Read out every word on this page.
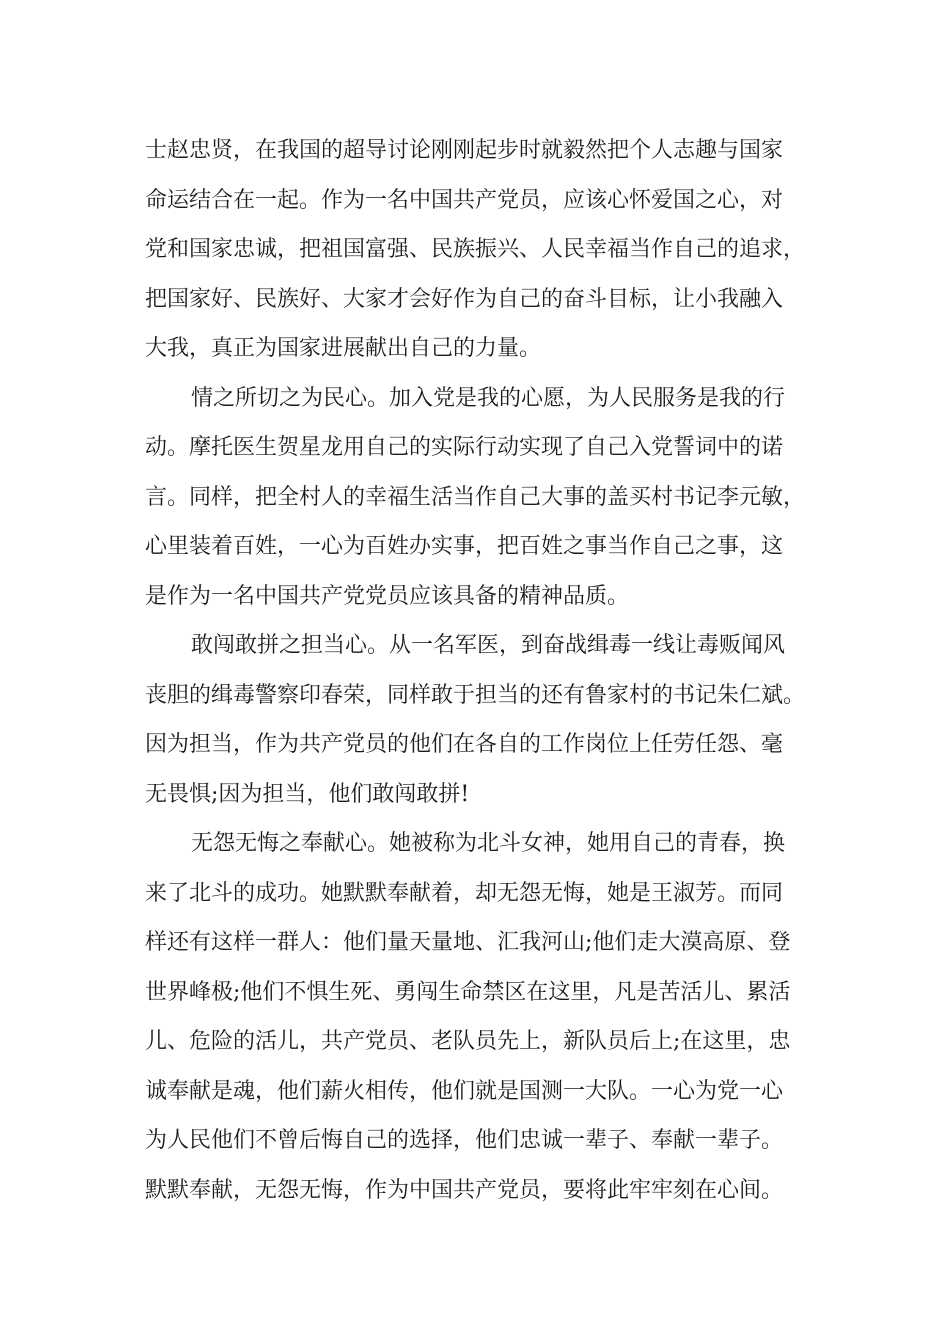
士赵忠贤，在我国的超导讨论刚刚起步时就毅然把个人志趣与国家
命运结合在一起。作为一名中国共产党员，应该心怀爱国之心，对
党和国家忠诚，把祖国富强、民族振兴、人民幸福当作自己的追求，
把国家好、民族好、大家才会好作为自己的奋斗目标，让小我融入
大我，真正为国家进展献出自己的力量。
情之所切之为民心。加入党是我的心愿，为人民服务是我的行
动。摩托医生贺星龙用自己的实际行动实现了自己入党誓词中的诺
言。同样，把全村人的幸福生活当作自己大事的盖买村书记李元敏，
心里装着百姓，一心为百姓办实事，把百姓之事当作自己之事，这
是作为一名中国共产党党员应该具备的精神品质。
敢闯敢拼之担当心。从一名军医，到奋战缉毒一线让毒贩闻风
丧胆的缉毒警察印春荣，同样敢于担当的还有鲁家村的书记朱仁斌。
因为担当，作为共产党员的他们在各自的工作岗位上任劳任怨、毫
无畏惧;因为担当，他们敢闯敢拼!
无怨无悔之奉献心。她被称为北斗女神，她用自己的青春，换
来了北斗的成功。她默默奉献着，却无怨无悔，她是王淑芳。而同
样还有这样一群人：他们量天量地、汇我河山;他们走大漠高原、登
世界峰极;他们不惧生死、勇闯生命禁区在这里，凡是苦活儿、累活
儿、危险的活儿，共产党员、老队员先上，新队员后上;在这里，忠
诚奉献是魂，他们薪火相传，他们就是国测一大队。一心为党一心
为人民他们不曾后悔自己的选择，他们忠诚一辈子、奉献一辈子。
默默奉献，无怨无悔，作为中国共产党员，要将此牢牢刻在心间。
